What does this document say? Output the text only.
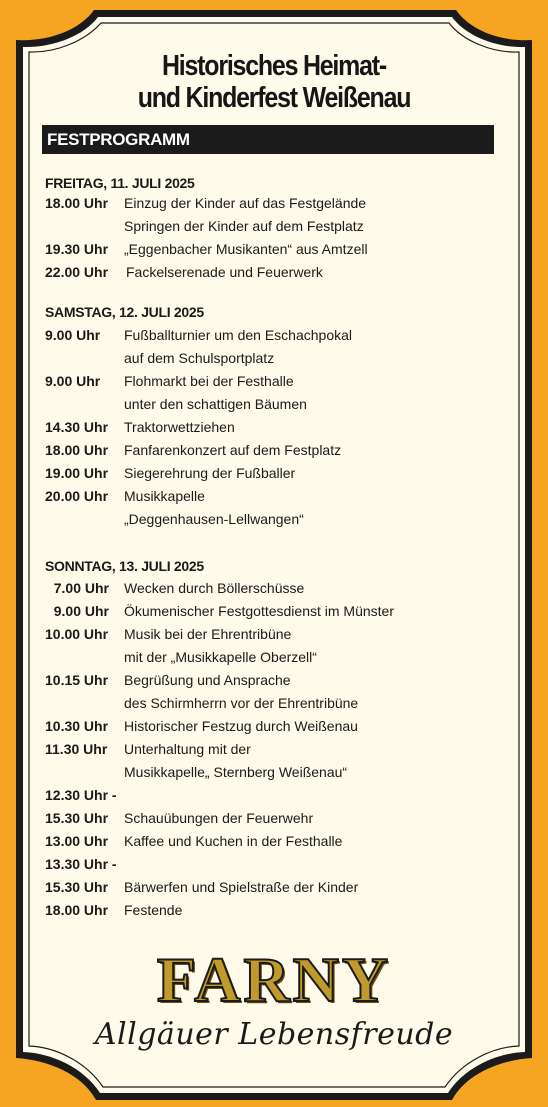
Historisches Heimat-
und Kinderfest Weißenau
FESTPROGRAMM
FREITAG, 11. JULI 2025
18.00 Uhr	Einzug der Kinder auf das Festgelände
Springen der Kinder auf dem Festplatz
19.30 Uhr	„Eggenbacher Musikanten“ aus Amtzell
22.00 Uhr	Fackelserenade und Feuerwerk
SAMSTAG, 12. JULI 2025
9.00 Uhr	Fußballturnier um den Eschachpokal
auf dem Schulsportplatz
9.00 Uhr	Flohmarkt bei der Festhalle
unter den schattigen Bäumen
14.30 Uhr	Traktorwettziehen
18.00 Uhr	Fanfarenkonzert auf dem Festplatz
19.00 Uhr	Siegerehrung der Fußballer
20.00 Uhr	Musikkapelle
„Deggenhausen-Lellwangen“
SONNTAG, 13. JULI 2025
7.00 Uhr Wecken durch Böllerschüsse
9.00 Uhr Ökumenischer Festgottesdienst im Münster
10.00 Uhr	Musik bei der Ehrentribüne
mit der „Musikkapelle Oberzell“
10.15 Uhr	Begrüßung und Ansprache
des Schirmherrn vor der Ehrentribüne
10.30 Uhr	Historischer Festzug durch Weißenau
11.30 Uhr	Unterhaltung mit der
Musikkapelle„ Sternberg Weißenau“
12.30 Uhr -
15.30 Uhr	Schauübungen der Feuerwehr
13.00 Uhr	Kaffee und Kuchen in der Festhalle
13.30 Uhr -
15.30 Uhr	Bärwerfen und Spielstraße der Kinder
18.00 Uhr	Festende
FARNY
Allgäuer Lebensfreude
